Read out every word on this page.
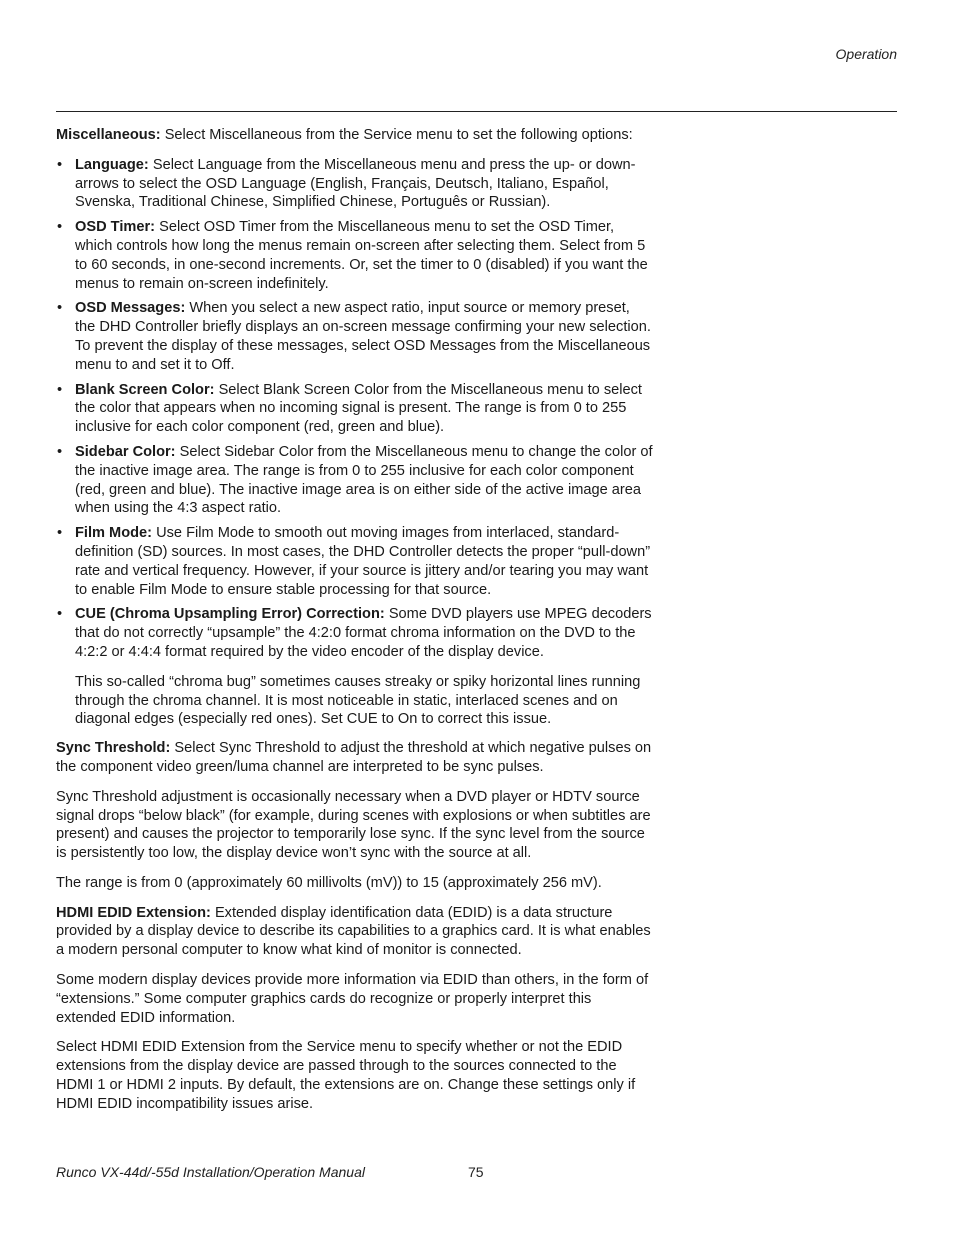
Operation

Miscellaneous: Select Miscellaneous from the Service menu to set the following options:

• Language: Select Language from the Miscellaneous menu and press the up- or down-arrows to select the OSD Language (English, Français, Deutsch, Italiano, Español, Svenska, Traditional Chinese, Simplified Chinese, Português or Russian).
• OSD Timer: Select OSD Timer from the Miscellaneous menu to set the OSD Timer, which controls how long the menus remain on-screen after selecting them. Select from 5 to 60 seconds, in one-second increments. Or, set the timer to 0 (disabled) if you want the menus to remain on-screen indefinitely.
• OSD Messages: When you select a new aspect ratio, input source or memory preset, the DHD Controller briefly displays an on-screen message confirming your new selection. To prevent the display of these messages, select OSD Messages from the Miscellaneous menu to and set it to Off.
• Blank Screen Color: Select Blank Screen Color from the Miscellaneous menu to select the color that appears when no incoming signal is present. The range is from 0 to 255 inclusive for each color component (red, green and blue).
• Sidebar Color: Select Sidebar Color from the Miscellaneous menu to change the color of the inactive image area. The range is from 0 to 255 inclusive for each color component (red, green and blue). The inactive image area is on either side of the active image area when using the 4:3 aspect ratio.
• Film Mode: Use Film Mode to smooth out moving images from interlaced, standard-definition (SD) sources. In most cases, the DHD Controller detects the proper “pull-down” rate and vertical frequency. However, if your source is jittery and/or tearing you may want to enable Film Mode to ensure stable processing for that source.
• CUE (Chroma Upsampling Error) Correction: Some DVD players use MPEG decoders that do not correctly “upsample” the 4:2:0 format chroma information on the DVD to the 4:2:2 or 4:4:4 format required by the video encoder of the display device.

This so-called “chroma bug” sometimes causes streaky or spiky horizontal lines running through the chroma channel. It is most noticeable in static, interlaced scenes and on diagonal edges (especially red ones). Set CUE to On to correct this issue.

Sync Threshold: Select Sync Threshold to adjust the threshold at which negative pulses on the component video green/luma channel are interpreted to be sync pulses.

Sync Threshold adjustment is occasionally necessary when a DVD player or HDTV source signal drops “below black” (for example, during scenes with explosions or when subtitles are present) and causes the projector to temporarily lose sync. If the sync level from the source is persistently too low, the display device won’t sync with the source at all.

The range is from 0 (approximately 60 millivolts (mV)) to 15 (approximately 256 mV).

HDMI EDID Extension: Extended display identification data (EDID) is a data structure provided by a display device to describe its capabilities to a graphics card. It is what enables a modern personal computer to know what kind of monitor is connected.

Some modern display devices provide more information via EDID than others, in the form of “extensions.” Some computer graphics cards do recognize or properly interpret this extended EDID information.

Select HDMI EDID Extension from the Service menu to specify whether or not the EDID extensions from the display device are passed through to the sources connected to the HDMI 1 or HDMI 2 inputs. By default, the extensions are on. Change these settings only if HDMI EDID incompatibility issues arise.

Runco VX-44d/-55d Installation/Operation Manual	75
